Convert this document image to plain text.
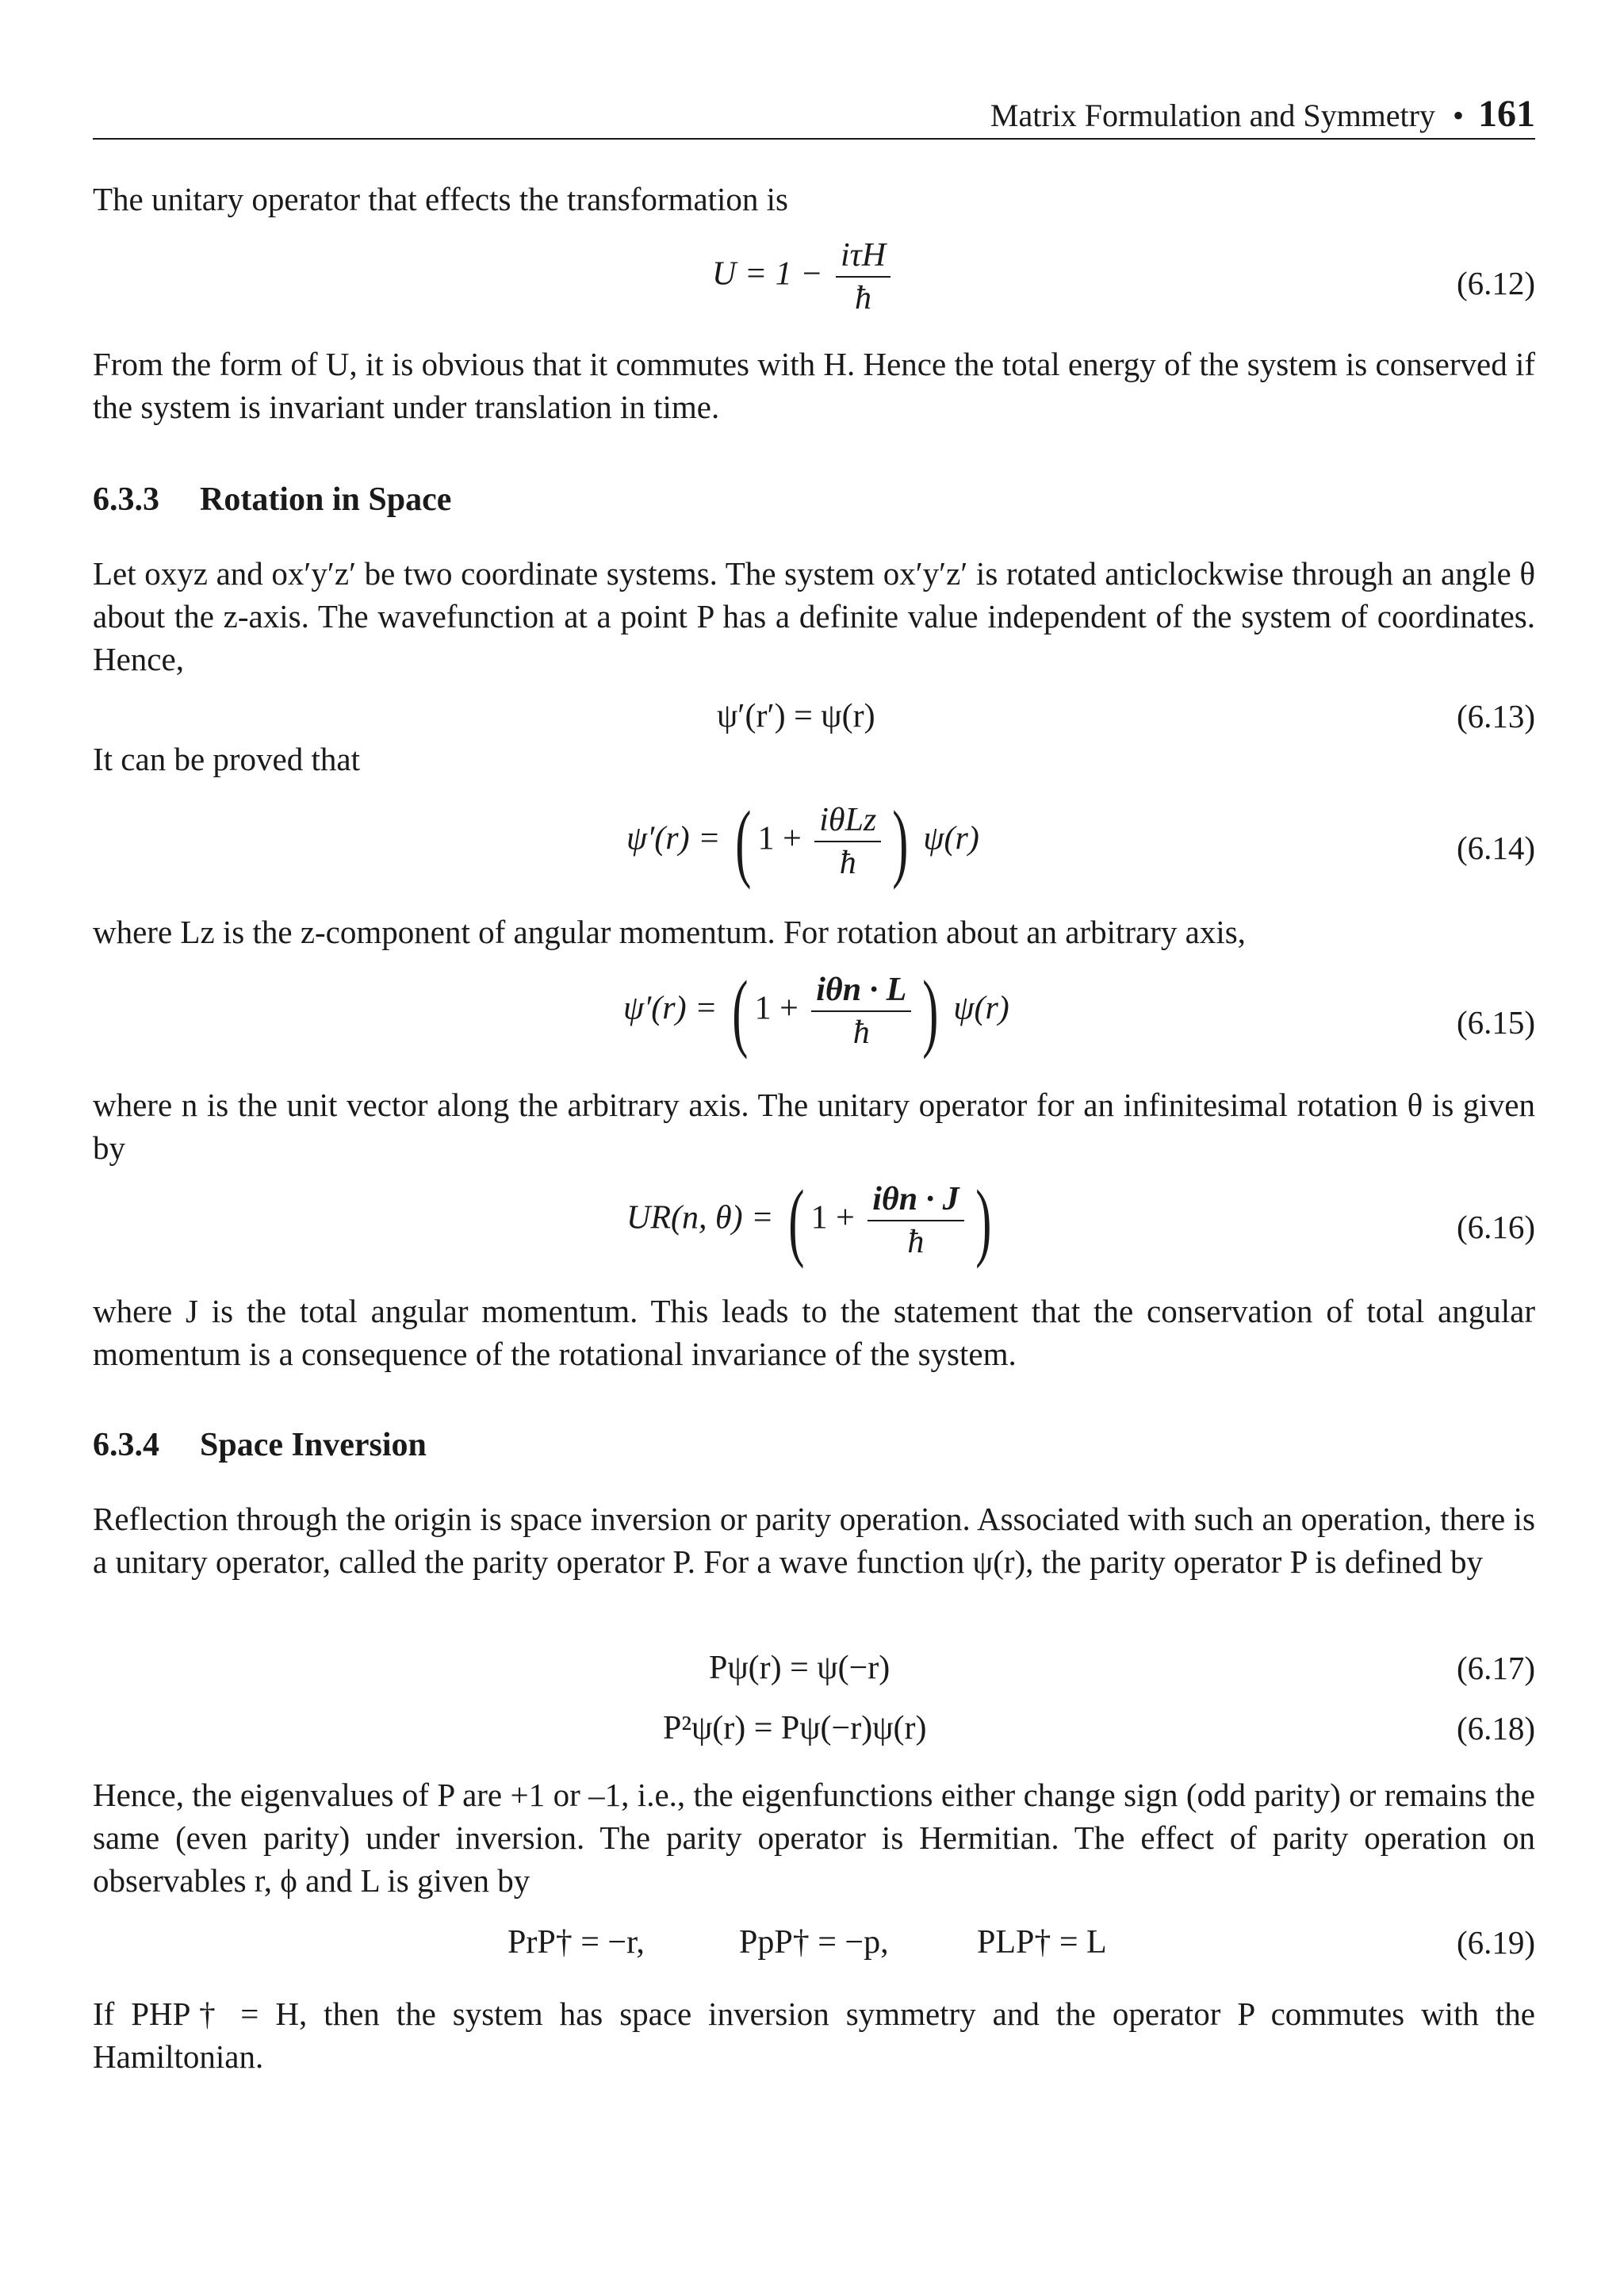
Matrix Formulation and Symmetry • 161

The unitary operator that effects the transformation is

$U = 1 - \frac{\text{iτH}}{ħ}$	(6.12)

From the form of U, it is obvious that it commutes with H. Hence the total energy of the system is conserved if the system is invariant under translation in time.

6.3.3 Rotation in Space

Let oxyz and ox′y′z′ be two coordinate systems. The system ox′y′z′ is rotated anticlockwise through an angle θ about the z-axis. The wavefunction at a point P has a definite value independent of the system of coordinates. Hence,

ψ′(r′) = ψ(r)	(6.13)

It can be proved that

ψ′(r) = ( $1 + \frac{\text{iθLz}}{ħ}$ ) ψ(r)	(6.14)

where Lz is the z-component of angular momentum. For rotation about an arbitrary axis,

ψ′(r) = ( $1 + \frac{\text{iθn · L}}{ħ}$ ) ψ(r)	(6.15)

where n is the unit vector along the arbitrary axis. The unitary operator for an infinitesimal rotation θ is given by

UR(n, θ) = ( $1 + \frac{\text{iθn · J}}{ħ}$ )	(6.16)

where J is the total angular momentum. This leads to the statement that the conservation of total angular momentum is a consequence of the rotational invariance of the system.

6.3.4 Space Inversion

Reflection through the origin is space inversion or parity operation. Associated with such an operation, there is a unitary operator, called the parity operator P. For a wave function ψ(r), the parity operator P is defined by

Pψ(r) = ψ(−r)	(6.17)
P²ψ(r) = Pψ(−r)ψ(r)	(6.18)

Hence, the eigenvalues of P are +1 or –1, i.e., the eigenfunctions either change sign (odd parity) or remains the same (even parity) under inversion. The parity operator is Hermitian. The effect of parity operation on observables r, ϕ and L is given by

PrP† = −r,	PpP† = −p,	PLP† = L	(6.19)

If PHP† = H, then the system has space inversion symmetry and the operator P commutes with the Hamiltonian.
